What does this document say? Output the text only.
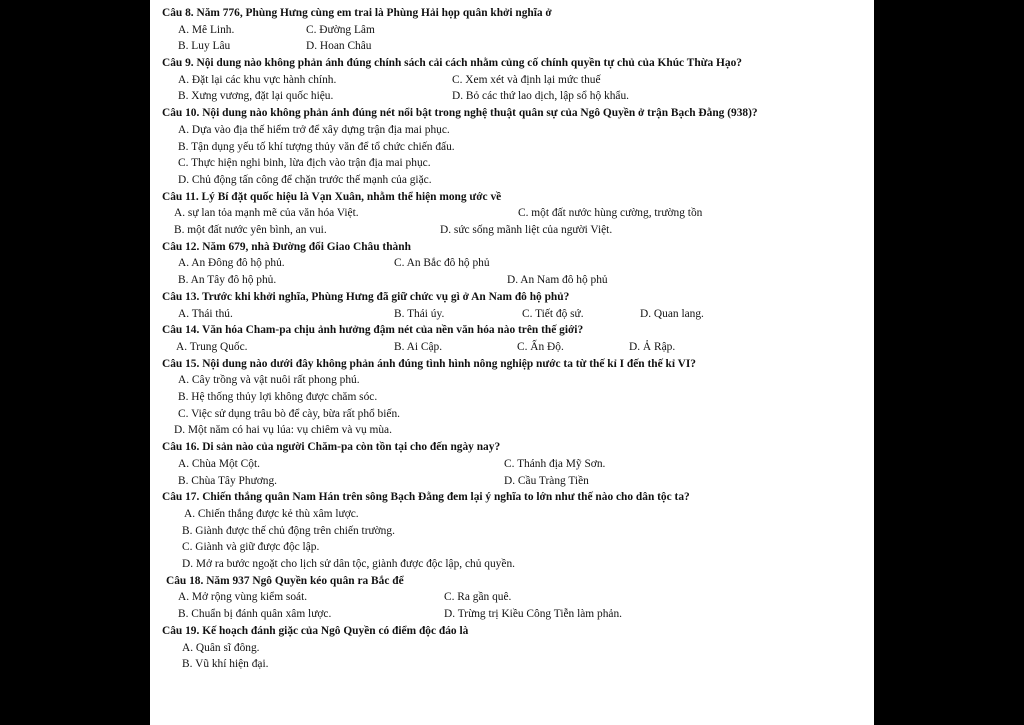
Câu 8. Năm 776, Phùng Hưng cùng em trai là Phùng Hải họp quân khởi nghĩa ở
A. Mê Linh.	C. Đường Lâm
B. Luy Lâu	D. Hoan Châu
Câu 9. Nội dung nào không phản ánh đúng chính sách cải cách nhằm củng cố chính quyền tự chủ của Khúc Thừa Hạo?
A. Đặt lại các khu vực hành chính.	C. Xem xét và định lại mức thuế
B. Xưng vương, đặt lại quốc hiệu.	D. Bỏ các thứ lao dịch, lập sổ hộ khẩu.
Câu 10. Nội dung nào không phản ánh đúng nét nổi bật trong nghệ thuật quân sự của Ngô Quyền ở trận Bạch Đằng (938)?
A. Dựa vào địa thế hiểm trở để xây dựng trận địa mai phục.
B. Tận dụng yếu tố khí tượng thủy văn để tổ chức chiến đấu.
C. Thực hiện nghi binh, lừa địch vào trận địa mai phục.
D. Chủ động tấn công để chặn trước thế mạnh của giặc.
Câu 11. Lý Bí đặt quốc hiệu là Vạn Xuân, nhằm thể hiện mong ước về
A. sự lan tỏa mạnh mẽ của văn hóa Việt.	C. một đất nước hùng cường, trường tồn
B. một đất nước yên bình, an vui.	D. sức sống mãnh liệt của người Việt.
Câu 12. Năm 679, nhà Đường đổi Giao Châu thành
A. An Đông đô hộ phủ.	C. An Bắc đô hộ phủ
B. An Tây đô hộ phủ.	D. An Nam đô hộ phủ
Câu 13. Trước khi khởi nghĩa, Phùng Hưng đã giữ chức vụ gì ở An Nam đô hộ phủ?
A. Thái thú.	B. Thái úy.	C. Tiết độ sứ.	D. Quan lang.
Câu 14. Văn hóa Cham-pa chịu ảnh hưởng đậm nét của nền văn hóa nào trên thế giới?
A. Trung Quốc.	B. Ai Cập.	C. Ấn Độ.	D. Ả Rập.
Câu 15. Nội dung nào dưới đây không phản ánh đúng tình hình nông nghiệp nước ta từ thế kỉ I đến thế kỉ VI?
A. Cây trồng và vật nuôi rất phong phú.
B. Hệ thống thủy lợi không được chăm sóc.
C. Việc sử dụng trâu bò để cày, bừa rất phổ biến.
D. Một năm có hai vụ lúa: vụ chiêm và vụ mùa.
Câu 16. Di sản nào của người Chăm-pa còn tồn tại cho đến ngày nay?
A. Chùa Một Cột.	C. Thánh địa Mỹ Sơn.
B. Chùa Tây Phương.	D. Cầu Tràng Tiền
Câu 17. Chiến thắng quân Nam Hán trên sông Bạch Đằng đem lại ý nghĩa to lớn như thế nào cho dân tộc ta?
A. Chiến thắng được kẻ thù xâm lược.
B. Giành được thế chủ động trên chiến trường.
C. Giành và giữ được độc lập.
D. Mở ra bước ngoặt cho lịch sử dân tộc, giành được độc lập, chủ quyền.
Câu 18. Năm 937 Ngô Quyền kéo quân ra Bắc để
A. Mở rộng vùng kiểm soát.	C. Ra gần quê.
B. Chuẩn bị đánh quân xâm lược.	D. Trừng trị Kiều Công Tiễn làm phản.
Câu 19. Kế hoạch đánh giặc của Ngô Quyền có điểm độc đáo là
A. Quân sĩ đông.
B. Vũ khí hiện đại.
